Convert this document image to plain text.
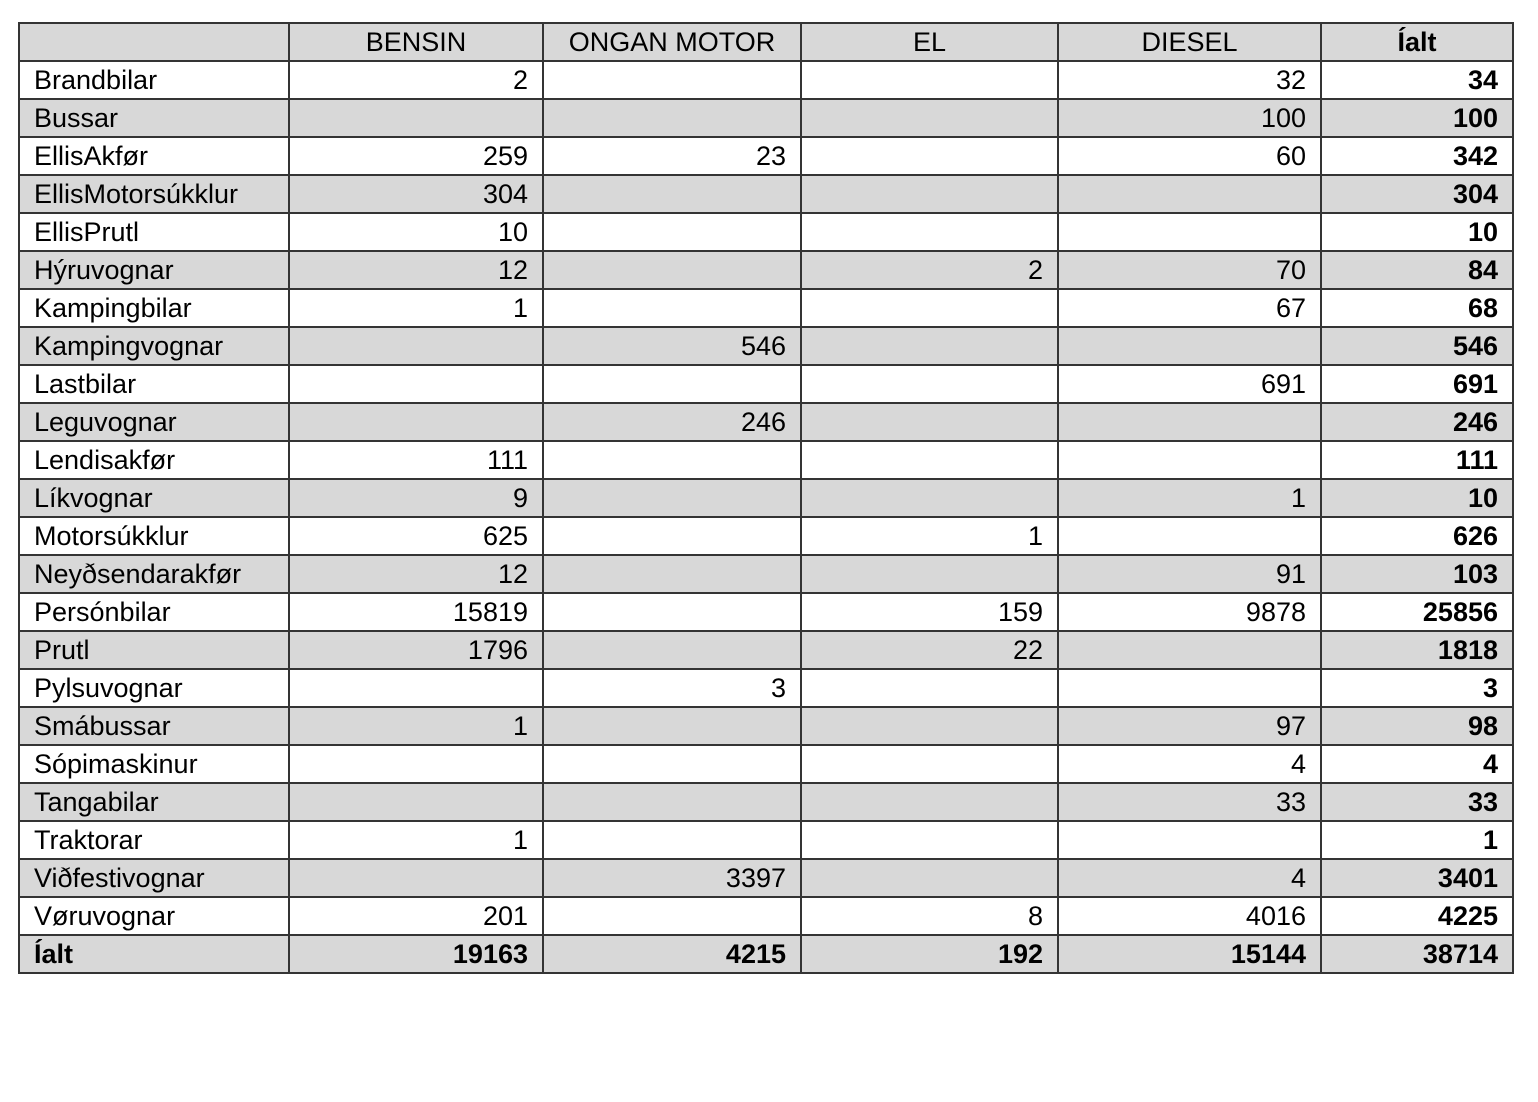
	BENSIN	ONGAN MOTOR	EL	DIESEL	Íalt
Brandbilar	2			32	34
Bussar				100	100
EllisAkfør	259	23		60	342
EllisMotorsúkklur	304				304
EllisPrutl	10				10
Hýruvognar	12		2	70	84
Kampingbilar	1			67	68
Kampingvognar		546			546
Lastbilar				691	691
Leguvognar		246			246
Lendisakfør	111				111
Líkvognar	9			1	10
Motorsúkklur	625		1		626
Neyðsendarakfør	12			91	103
Persónbilar	15819		159	9878	25856
Prutl	1796		22		1818
Pylsuvognar		3			3
Smábussar	1			97	98
Sópimaskinur				4	4
Tangabilar				33	33
Traktorar	1				1
Viðfestivognar		3397		4	3401
Vøruvognar	201		8	4016	4225
Íalt	19163	4215	192	15144	38714
